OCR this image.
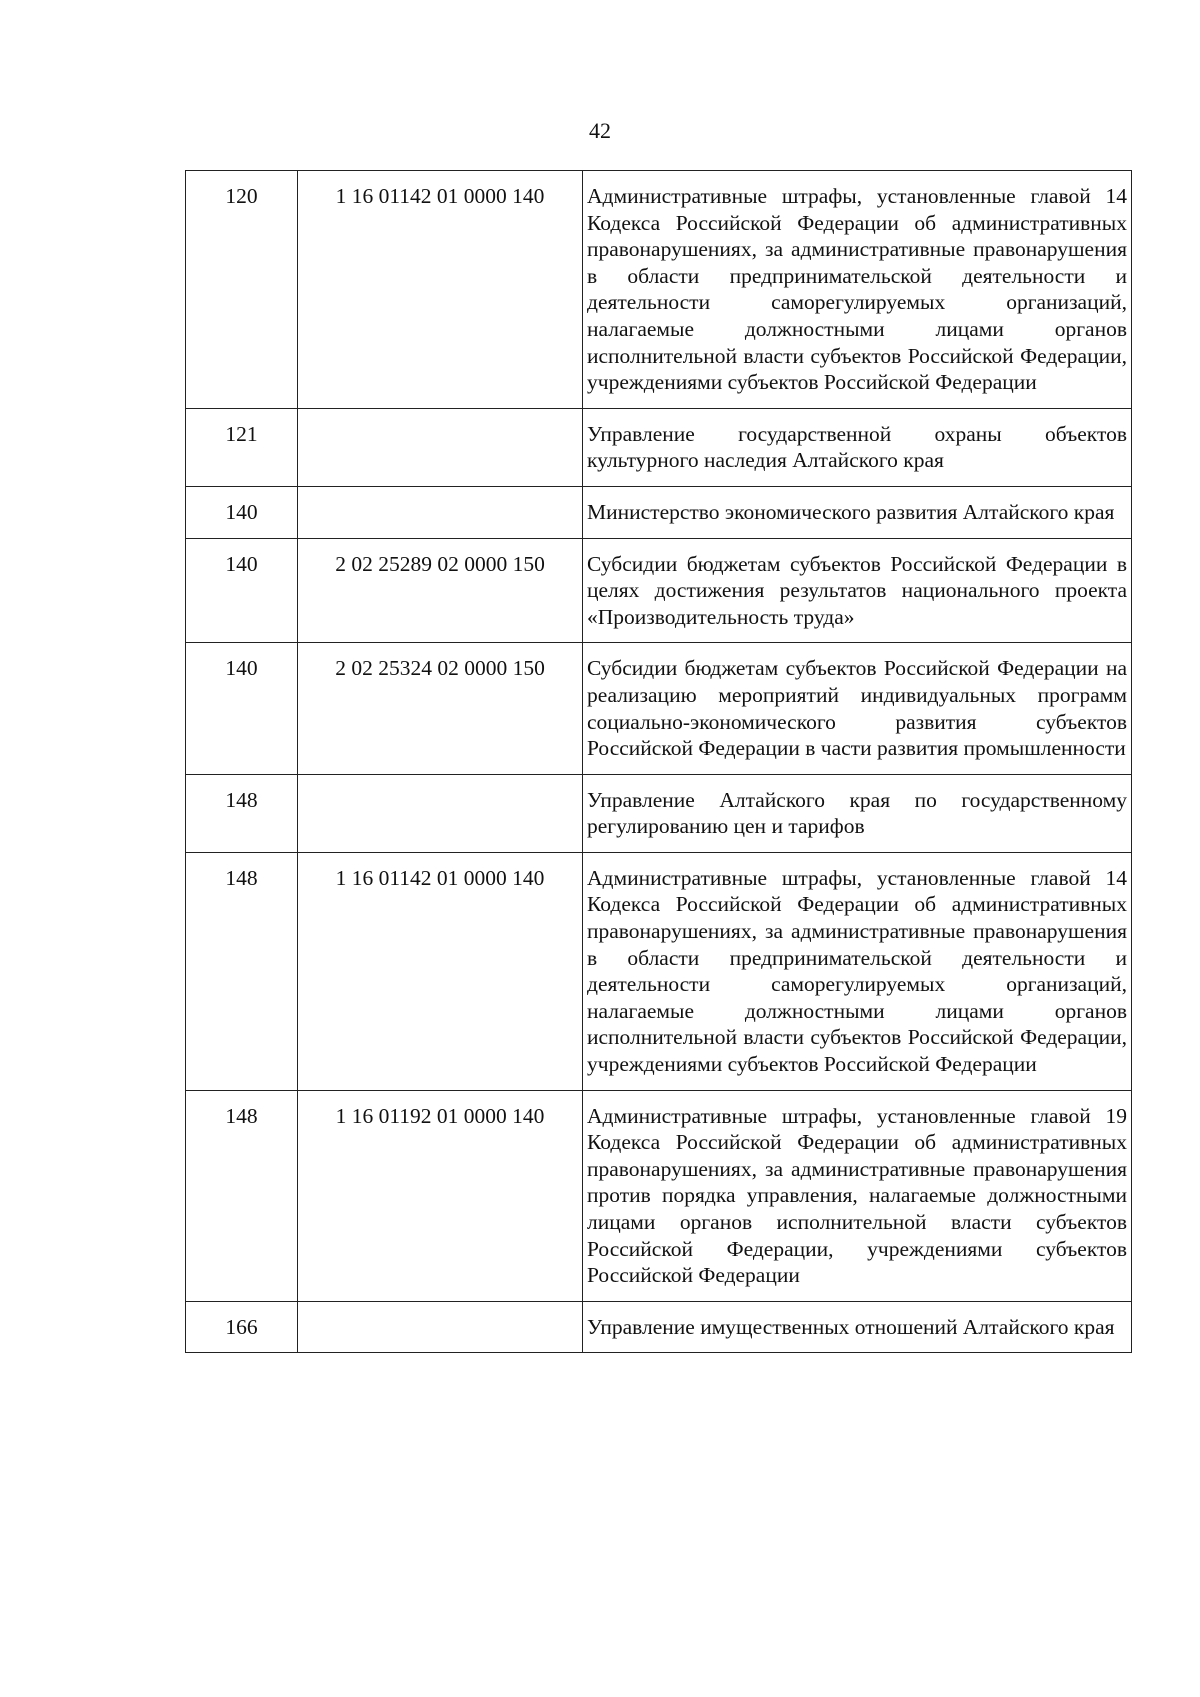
42
120	1 16 01142 01 0000 140	Административные штрафы, установленные главой 14 Кодекса Российской Федерации об административных правонарушениях, за административные правонарушения в области предпринимательской деятельности и деятельности саморегулируемых организаций, налагаемые должностными лицами органов исполнительной власти субъектов Российской Федерации, учреждениями субъектов Российской Федерации
121		Управление государственной охраны объектов культурного наследия Алтайского края
140		Министерство экономического развития Алтайского края
140	2 02 25289 02 0000 150	Субсидии бюджетам субъектов Российской Федерации в целях достижения результатов национального проекта «Производительность труда»
140	2 02 25324 02 0000 150	Субсидии бюджетам субъектов Российской Федерации на реализацию мероприятий индивидуальных программ социально-экономического развития субъектов Российской Федерации в части развития промышленности
148		Управление Алтайского края по государственному регулированию цен и тарифов
148	1 16 01142 01 0000 140	Административные штрафы, установленные главой 14 Кодекса Российской Федерации об административных правонарушениях, за административные правонарушения в области предпринимательской деятельности и деятельности саморегулируемых организаций, налагаемые должностными лицами органов исполнительной власти субъектов Российской Федерации, учреждениями субъектов Российской Федерации
148	1 16 01192 01 0000 140	Административные штрафы, установленные главой 19 Кодекса Российской Федерации об административных правонарушениях, за административные правонарушения против порядка управления, налагаемые должностными лицами органов исполнительной власти субъектов Российской Федерации, учреждениями субъектов Российской Федерации
166		Управление имущественных отношений Алтайского края
